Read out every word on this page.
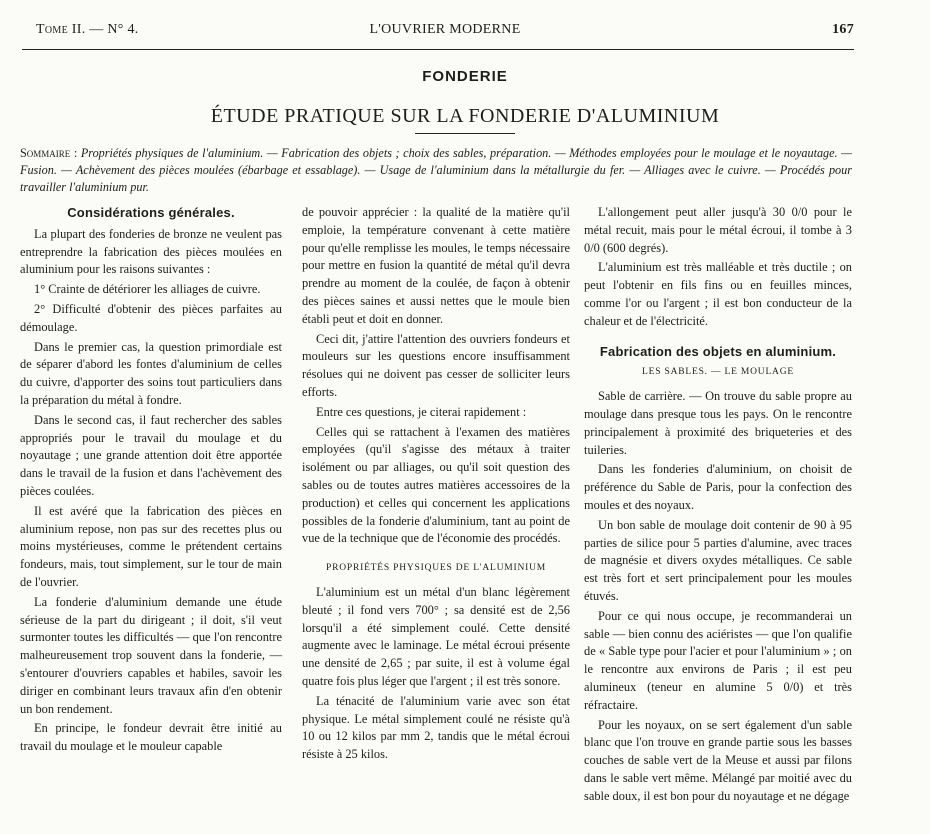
Tome II. — N° 4.	L'OUVRIER MODERNE	167
FONDERIE
ÉTUDE PRATIQUE SUR LA FONDERIE D'ALUMINIUM
Sommaire : Propriétés physiques de l'aluminium. — Fabrication des objets ; choix des sables, préparation. — Méthodes employées pour le moulage et le noyautage. — Fusion. — Achèvement des pièces moulées (ébarbage et essablage). — Usage de l'aluminium dans la métallurgie du fer. — Alliages avec le cuivre. — Procédés pour travailler l'aluminium pur.
Considérations générales.

La plupart des fonderies de bronze ne veulent pas entreprendre la fabrication des pièces moulées en aluminium pour les raisons suivantes :

1° Crainte de détériorer les alliages de cuivre.

2° Difficulté d'obtenir des pièces parfaites au démoulage.

Dans le premier cas, la question primordiale est de séparer d'abord les fontes d'aluminium de celles du cuivre, d'apporter des soins tout particuliers dans la préparation du métal à fondre.

Dans le second cas, il faut rechercher des sables appropriés pour le travail du moulage et du noyautage ; une grande attention doit être apportée dans le travail de la fusion et dans l'achèvement des pièces coulées.

Il est avéré que la fabrication des pièces en aluminium repose, non pas sur des recettes plus ou moins mystérieuses, comme le prétendent certains fondeurs, mais, tout simplement, sur le tour de main de l'ouvrier.

La fonderie d'aluminium demande une étude sérieuse de la part du dirigeant ; il doit, s'il veut surmonter toutes les difficultés — que l'on rencontre malheureusement trop souvent dans la fonderie, — s'entourer d'ouvriers capables et habiles, savoir les diriger en combinant leurs travaux afin d'en obtenir un bon rendement.

En principe, le fondeur devrait être initié au travail du moulage et le mouleur capable

de pouvoir apprécier : la qualité de la matière qu'il emploie, la température convenant à cette matière pour qu'elle remplisse les moules, le temps nécessaire pour mettre en fusion la quantité de métal qu'il devra prendre au moment de la coulée, de façon à obtenir des pièces saines et aussi nettes que le moule bien établi peut et doit en donner.

Ceci dit, j'attire l'attention des ouvriers fondeurs et mouleurs sur les questions encore insuffisamment résolues qui ne doivent pas cesser de solliciter leurs efforts.

Entre ces questions, je citerai rapidement :

Celles qui se rattachent à l'examen des matières employées (qu'il s'agisse des métaux à traiter isolément ou par alliages, ou qu'il soit question des sables ou de toutes autres matières accessoires de la production) et celles qui concernent les applications possibles de la fonderie d'aluminium, tant au point de vue de la technique que de l'économie des procédés.

PROPRIÉTÉS PHYSIQUES DE L'ALUMINIUM

L'aluminium est un métal d'un blanc légèrement bleuté ; il fond vers 700° ; sa densité est de 2,56 lorsqu'il a été simplement coulé. Cette densité augmente avec le laminage. Le métal écroui présente une densité de 2,65 ; par suite, il est à volume égal quatre fois plus léger que l'argent ; il est très sonore.

La ténacité de l'aluminium varie avec son état physique. Le métal simplement coulé ne résiste qu'à 10 ou 12 kilos par mm 2, tandis que le métal écroui résiste à 25 kilos.

L'allongement peut aller jusqu'à 30 0/0 pour le métal recuit, mais pour le métal écroui, il tombe à 3 0/0 (600 degrés).

L'aluminium est très malléable et très ductile ; on peut l'obtenir en fils fins ou en feuilles minces, comme l'or ou l'argent ; il est bon conducteur de la chaleur et de l'électricité.

Fabrication des objets en aluminium.
LES SABLES. — LE MOULAGE

Sable de carrière. — On trouve du sable propre au moulage dans presque tous les pays. On le rencontre principalement à proximité des briqueteries et des tuileries.

Dans les fonderies d'aluminium, on choisit de préférence du Sable de Paris, pour la confection des moules et des noyaux.

Un bon sable de moulage doit contenir de 90 à 95 parties de silice pour 5 parties d'alumine, avec traces de magnésie et divers oxydes métalliques. Ce sable est très fort et sert principalement pour les moules étuvés.

Pour ce qui nous occupe, je recommanderai un sable — bien connu des aciéristes — que l'on qualifie de « Sable type pour l'acier et pour l'aluminium » ; on le rencontre aux environs de Paris ; il est peu alumineux (teneur en alumine 5 0/0) et très réfractaire.

Pour les noyaux, on se sert également d'un sable blanc que l'on trouve en grande partie sous les basses couches de sable vert de la Meuse et aussi par filons dans le sable vert même. Mélangé par moitié avec du sable doux, il est bon pour du noyautage et ne dégage
